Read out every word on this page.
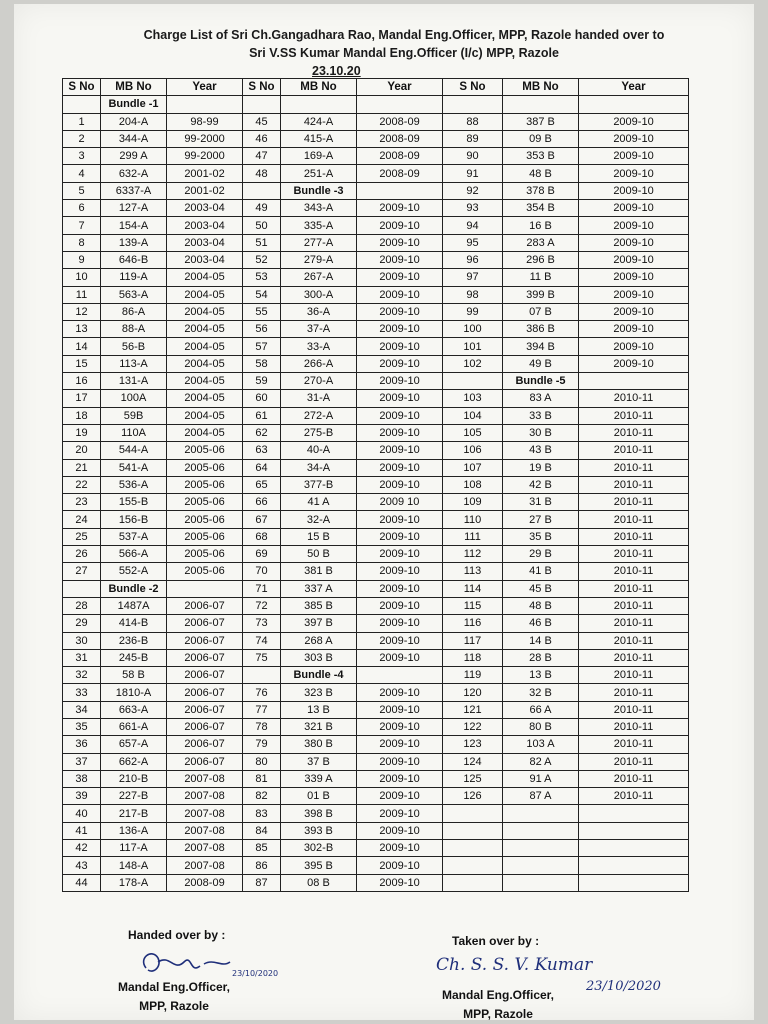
Charge List of Sri Ch.Gangadhara Rao, Mandal Eng.Officer, MPP, Razole handed over to
Sri V.SS Kumar Mandal Eng.Officer (I/c) MPP, Razole
23.10.20
S No	MB No	Year	S No	MB No	Year	S No	MB No	Year
	Bundle -1							
1	204-A	98-99	45	424-A	2008-09	88	387 B	2009-10
2	344-A	99-2000	46	415-A	2008-09	89	09 B	2009-10
3	299 A	99-2000	47	169-A	2008-09	90	353 B	2009-10
4	632-A	2001-02	48	251-A	2008-09	91	48 B	2009-10
5	6337-A	2001-02		Bundle -3		92	378 B	2009-10
6	127-A	2003-04	49	343-A	2009-10	93	354 B	2009-10
7	154-A	2003-04	50	335-A	2009-10	94	16 B	2009-10
8	139-A	2003-04	51	277-A	2009-10	95	283 A	2009-10
9	646-B	2003-04	52	279-A	2009-10	96	296 B	2009-10
10	119-A	2004-05	53	267-A	2009-10	97	11 B	2009-10
11	563-A	2004-05	54	300-A	2009-10	98	399 B	2009-10
12	86-A	2004-05	55	36-A	2009-10	99	07 B	2009-10
13	88-A	2004-05	56	37-A	2009-10	100	386 B	2009-10
14	56-B	2004-05	57	33-A	2009-10	101	394 B	2009-10
15	113-A	2004-05	58	266-A	2009-10	102	49 B	2009-10
16	131-A	2004-05	59	270-A	2009-10		Bundle -5	
17	100A	2004-05	60	31-A	2009-10	103	83 A	2010-11
18	59B	2004-05	61	272-A	2009-10	104	33 B	2010-11
19	110A	2004-05	62	275-B	2009-10	105	30 B	2010-11
20	544-A	2005-06	63	40-A	2009-10	106	43 B	2010-11
21	541-A	2005-06	64	34-A	2009-10	107	19 B	2010-11
22	536-A	2005-06	65	377-B	2009-10	108	42 B	2010-11
23	155-B	2005-06	66	41 A	2009 10	109	31 B	2010-11
24	156-B	2005-06	67	32-A	2009-10	110	27 B	2010-11
25	537-A	2005-06	68	15 B	2009-10	111	35 B	2010-11
26	566-A	2005-06	69	50 B	2009-10	112	29 B	2010-11
27	552-A	2005-06	70	381 B	2009-10	113	41 B	2010-11
	Bundle -2		71	337 A	2009-10	114	45 B	2010-11
28	1487A	2006-07	72	385 B	2009-10	115	48 B	2010-11
29	414-B	2006-07	73	397 B	2009-10	116	46 B	2010-11
30	236-B	2006-07	74	268 A	2009-10	117	14 B	2010-11
31	245-B	2006-07	75	303 B	2009-10	118	28 B	2010-11
32	58 B	2006-07		Bundle -4		119	13 B	2010-11
33	1810-A	2006-07	76	323 B	2009-10	120	32 B	2010-11
34	663-A	2006-07	77	13 B	2009-10	121	66 A	2010-11
35	661-A	2006-07	78	321 B	2009-10	122	80 B	2010-11
36	657-A	2006-07	79	380 B	2009-10	123	103 A	2010-11
37	662-A	2006-07	80	37 B	2009-10	124	82 A	2010-11
38	210-B	2007-08	81	339 A	2009-10	125	91 A	2010-11
39	227-B	2007-08	82	01 B	2009-10	126	87 A	2010-11
40	217-B	2007-08	83	398 B	2009-10			
41	136-A	2007-08	84	393 B	2009-10			
42	117-A	2007-08	85	302-B	2009-10			
43	148-A	2007-08	86	395 B	2009-10			
44	178-A	2008-09	87	08 B	2009-10			
Handed over by :	Taken over by :
23/10/2020	Ch. S. S. V. Kumar
23/10/2020
Mandal Eng.Officer,
MPP, Razole
Mandal Eng.Officer,
MPP, Razole
